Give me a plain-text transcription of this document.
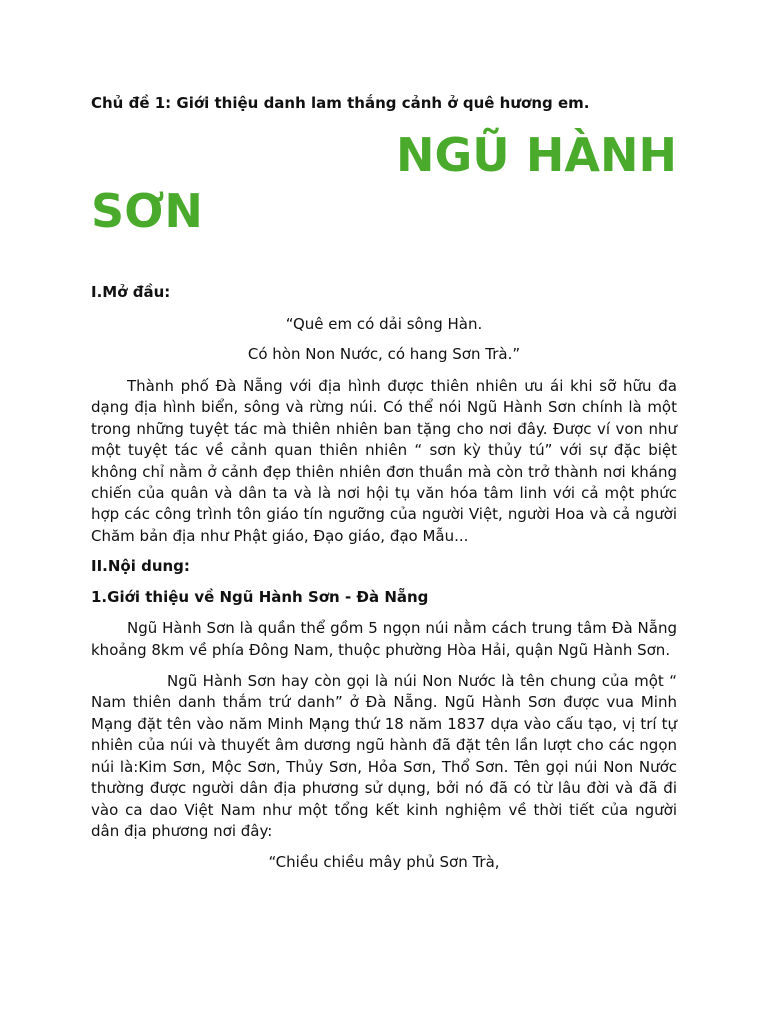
Chủ đề 1: Giới thiệu danh lam thắng cảnh ở quê hương em.

NGŨ HÀNH

SƠN

I.Mở đầu:

“Quê em có dải sông Hàn.

Có hòn Non Nước, có hang Sơn Trà.”

Thành phố Đà Nẵng với địa hình được thiên nhiên ưu ái khi sỡ hữu đa dạng địa hình biển, sông và rừng núi. Có thể nói Ngũ Hành Sơn chính là một trong những tuyệt tác mà thiên nhiên ban tặng cho nơi đây. Được ví von như một tuyệt tác về cảnh quan thiên nhiên “ sơn kỳ thủy tú” với sự đặc biệt không chỉ nằm ở cảnh đẹp thiên nhiên đơn thuần mà còn trở thành nơi kháng chiến của quân và dân ta và là nơi hội tụ văn hóa tâm linh với cả một phức hợp các công trình tôn giáo tín ngưỡng của người Việt, người Hoa và cả người Chăm bản địa như Phật giáo, Đạo giáo, đạo Mẫu...

II.Nội dung:

1.Giới thiệu về Ngũ Hành Sơn - Đà Nẵng

Ngũ Hành Sơn là quần thể gồm 5 ngọn núi nằm cách trung tâm Đà Nẵng khoảng 8km về phía Đông Nam, thuộc phường Hòa Hải, quận Ngũ Hành Sơn.

Ngũ Hành Sơn hay còn gọi là núi Non Nước là tên chung của một “ Nam thiên danh thắm trứ danh” ở Đà Nẵng. Ngũ Hành Sơn được vua Minh Mạng đặt tên vào năm Minh Mạng thứ 18 năm 1837 dựa vào cấu tạo, vị trí tự nhiên của núi và thuyết âm dương ngũ hành đã đặt tên lần lượt cho các ngọn núi là:Kim Sơn, Mộc Sơn, Thủy Sơn, Hỏa Sơn, Thổ Sơn. Tên gọi núi Non Nước thường được người dân địa phương sử dụng, bởi nó đã có từ lâu đời và đã đi vào ca dao Việt Nam như một tổng kết kinh nghiệm về thời tiết của người dân địa phương nơi đây:

“Chiều chiều mây phủ Sơn Trà,
